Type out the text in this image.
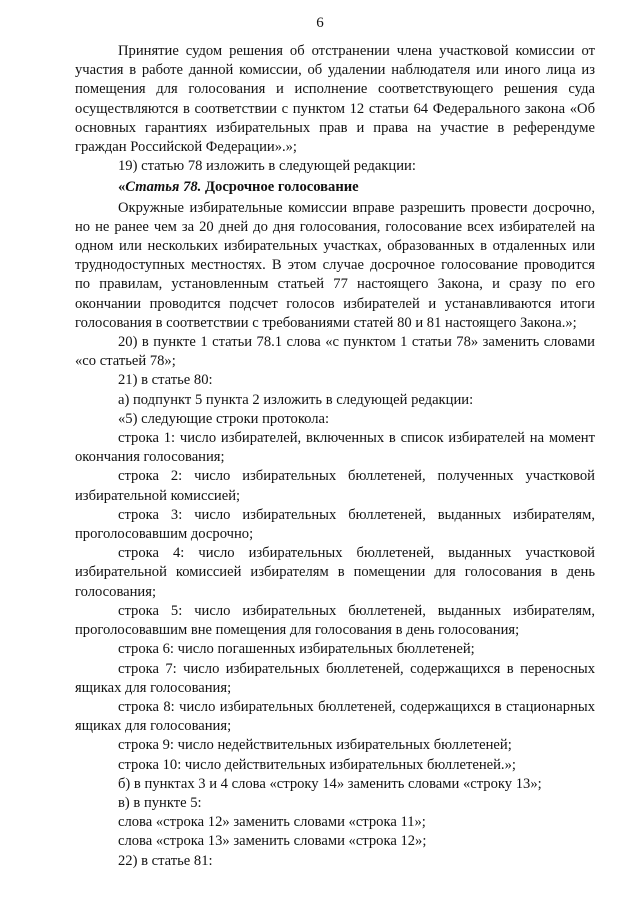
6

Принятие судом решения об отстранении члена участковой комиссии от участия в работе данной комиссии, об удалении наблюдателя или иного лица из помещения для голосования и исполнение соответствующего решения суда осуществляются в соответствии с пунктом 12 статьи 64 Федерального закона «Об основных гарантиях избирательных прав и права на участие в референдуме граждан Российской Федерации».»;

19) статью 78 изложить в следующей редакции:

«Статья 78. Досрочное голосование

Окружные избирательные комиссии вправе разрешить провести досрочно, но не ранее чем за 20 дней до дня голосования, голосование всех избирателей на одном или нескольких избирательных участках, образованных в отдаленных или труднодоступных местностях. В этом случае досрочное голосование проводится по правилам, установленным статьей 77 настоящего Закона, и сразу по его окончании проводится подсчет голосов избирателей и устанавливаются итоги голосования в соответствии с требованиями статей 80 и 81 настоящего Закона.»;

20) в пункте 1 статьи 78.1 слова «с пунктом 1 статьи 78» заменить словами «со статьей 78»;

21) в статье 80:

а) подпункт 5 пункта 2 изложить в следующей редакции:

«5) следующие строки протокола:

строка 1: число избирателей, включенных в список избирателей на момент окончания голосования;

строка 2: число избирательных бюллетеней, полученных участковой избирательной комиссией;

строка 3: число избирательных бюллетеней, выданных избирателям, проголосовавшим досрочно;

строка 4: число избирательных бюллетеней, выданных участковой избирательной комиссией избирателям в помещении для голосования в день голосования;

строка 5: число избирательных бюллетеней, выданных избирателям, проголосовавшим вне помещения для голосования в день голосования;

строка 6: число погашенных избирательных бюллетеней;

строка 7: число избирательных бюллетеней, содержащихся в переносных ящиках для голосования;

строка 8: число избирательных бюллетеней, содержащихся в стационарных ящиках для голосования;

строка 9: число недействительных избирательных бюллетеней;

строка 10: число действительных избирательных бюллетеней.»;

б) в пунктах 3 и 4 слова «строку 14» заменить словами «строку 13»;

в) в пункте 5:

слова «строка 12» заменить словами «строка 11»;

слова «строка 13» заменить словами «строка 12»;

22) в статье 81:
